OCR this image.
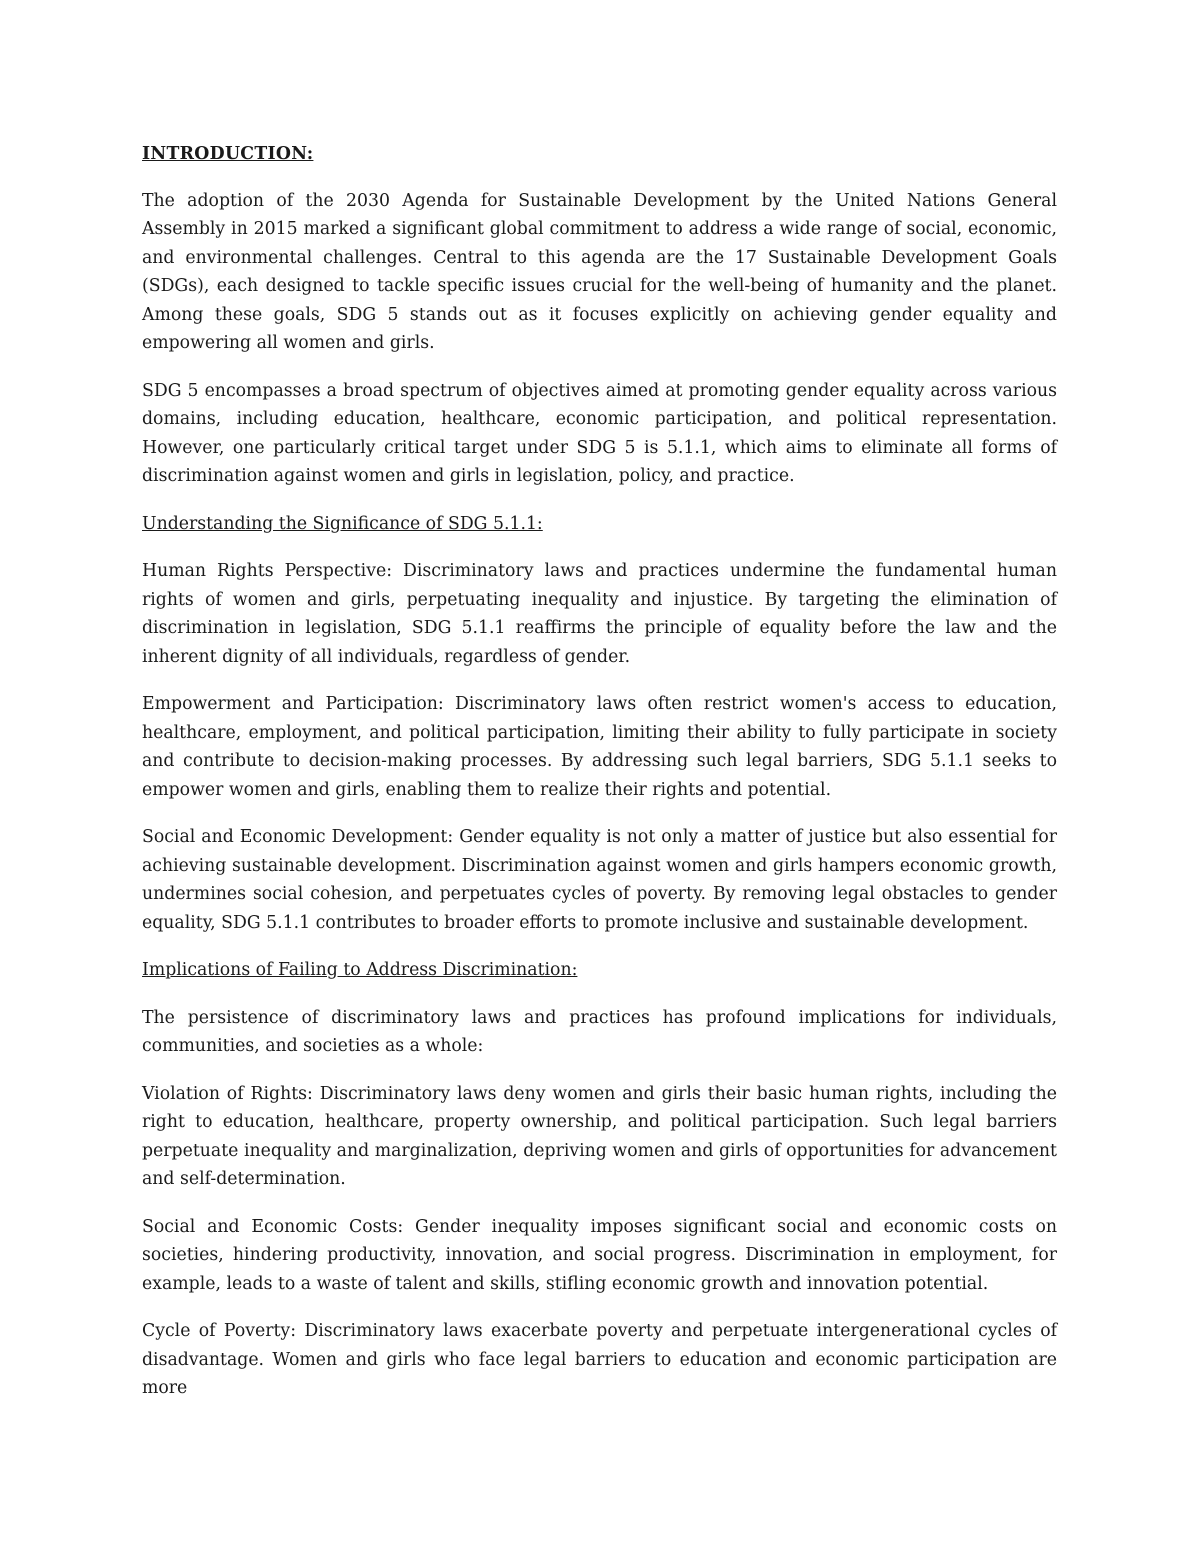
INTRODUCTION:

The adoption of the 2030 Agenda for Sustainable Development by the United Nations General Assembly in 2015 marked a significant global commitment to address a wide range of social, economic, and environmental challenges. Central to this agenda are the 17 Sustainable Development Goals (SDGs), each designed to tackle specific issues crucial for the well-being of humanity and the planet. Among these goals, SDG 5 stands out as it focuses explicitly on achieving gender equality and empowering all women and girls.

SDG 5 encompasses a broad spectrum of objectives aimed at promoting gender equality across various domains, including education, healthcare, economic participation, and political representation. However, one particularly critical target under SDG 5 is 5.1.1, which aims to eliminate all forms of discrimination against women and girls in legislation, policy, and practice.

Understanding the Significance of SDG 5.1.1:

Human Rights Perspective: Discriminatory laws and practices undermine the fundamental human rights of women and girls, perpetuating inequality and injustice. By targeting the elimination of discrimination in legislation, SDG 5.1.1 reaffirms the principle of equality before the law and the inherent dignity of all individuals, regardless of gender.

Empowerment and Participation: Discriminatory laws often restrict women's access to education, healthcare, employment, and political participation, limiting their ability to fully participate in society and contribute to decision-making processes. By addressing such legal barriers, SDG 5.1.1 seeks to empower women and girls, enabling them to realize their rights and potential.

Social and Economic Development: Gender equality is not only a matter of justice but also essential for achieving sustainable development. Discrimination against women and girls hampers economic growth, undermines social cohesion, and perpetuates cycles of poverty. By removing legal obstacles to gender equality, SDG 5.1.1 contributes to broader efforts to promote inclusive and sustainable development.

Implications of Failing to Address Discrimination:

The persistence of discriminatory laws and practices has profound implications for individuals, communities, and societies as a whole:

Violation of Rights: Discriminatory laws deny women and girls their basic human rights, including the right to education, healthcare, property ownership, and political participation. Such legal barriers perpetuate inequality and marginalization, depriving women and girls of opportunities for advancement and self-determination.

Social and Economic Costs: Gender inequality imposes significant social and economic costs on societies, hindering productivity, innovation, and social progress. Discrimination in employment, for example, leads to a waste of talent and skills, stifling economic growth and innovation potential.

Cycle of Poverty: Discriminatory laws exacerbate poverty and perpetuate intergenerational cycles of disadvantage. Women and girls who face legal barriers to education and economic participation are more
